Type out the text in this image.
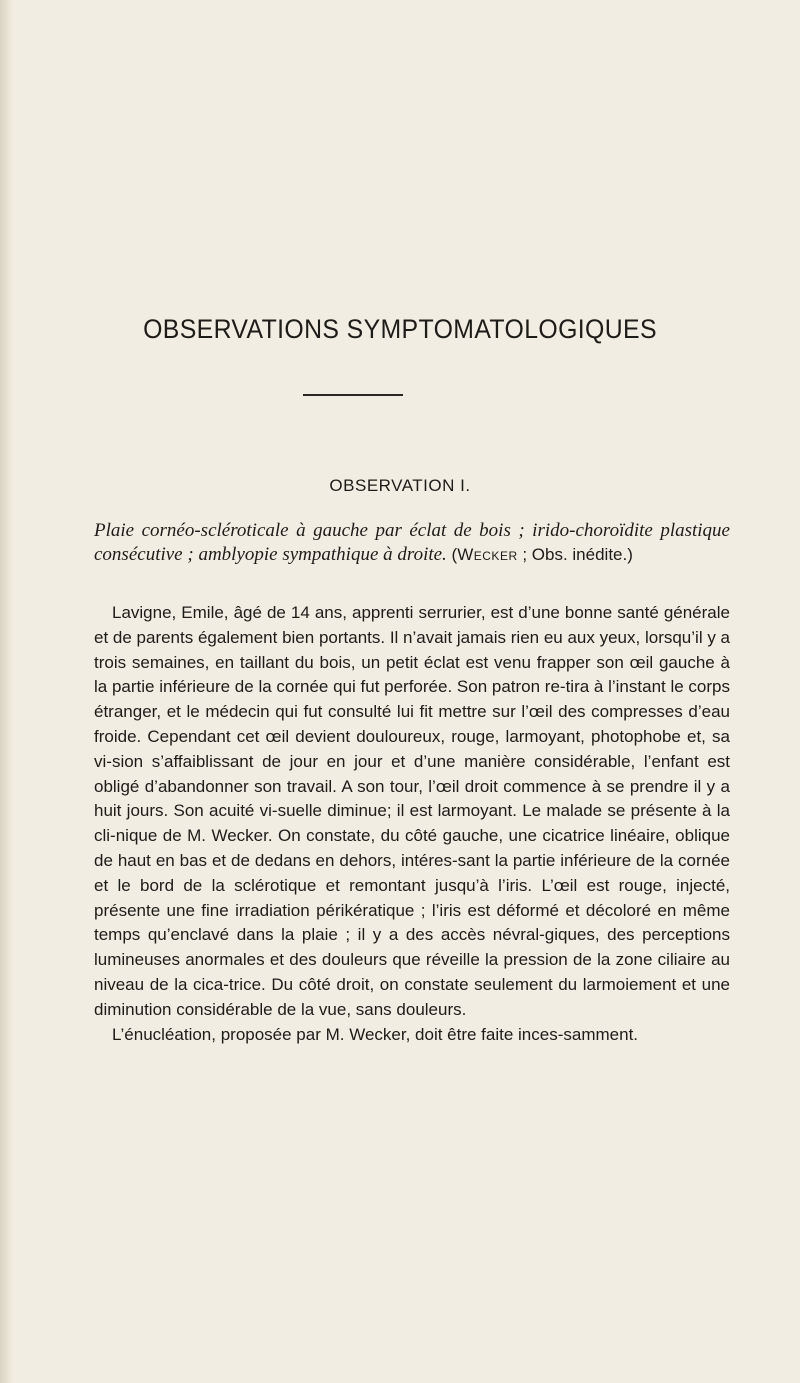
OBSERVATIONS SYMPTOMATOLOGIQUES
OBSERVATION I.

Plaie cornéo-scléroticale à gauche par éclat de bois ; irido-choroïdite plastique consécutive ; amblyopie sympathique à droite. (Wecker ; Obs. inédite.)

Lavigne, Emile, âgé de 14 ans, apprenti serrurier, est d’une bonne santé générale et de parents également bien portants. Il n’avait jamais rien eu aux yeux, lorsqu’il y a trois semaines, en taillant du bois, un petit éclat est venu frapper son œil gauche à la partie inférieure de la cornée qui fut perforée. Son patron re-tira à l’instant le corps étranger, et le médecin qui fut consulté lui fit mettre sur l’œil des compresses d’eau froide. Cependant cet œil devient douloureux, rouge, larmoyant, photophobe et, sa vi-sion s’affaiblissant de jour en jour et d’une manière considérable, l’enfant est obligé d’abandonner son travail. A son tour, l’œil droit commence à se prendre il y a huit jours. Son acuité vi-suelle diminue; il est larmoyant. Le malade se présente à la cli-nique de M. Wecker. On constate, du côté gauche, une cicatrice linéaire, oblique de haut en bas et de dedans en dehors, intéres-sant la partie inférieure de la cornée et le bord de la sclérotique et remontant jusqu’à l’iris. L’œil est rouge, injecté, présente une fine irradiation périkératique ; l’iris est déformé et décoloré en même temps qu’enclavé dans la plaie ; il y a des accès névral-giques, des perceptions lumineuses anormales et des douleurs que réveille la pression de la zone ciliaire au niveau de la cica-trice. Du côté droit, on constate seulement du larmoiement et une diminution considérable de la vue, sans douleurs.

L’énucléation, proposée par M. Wecker, doit être faite inces-samment.
